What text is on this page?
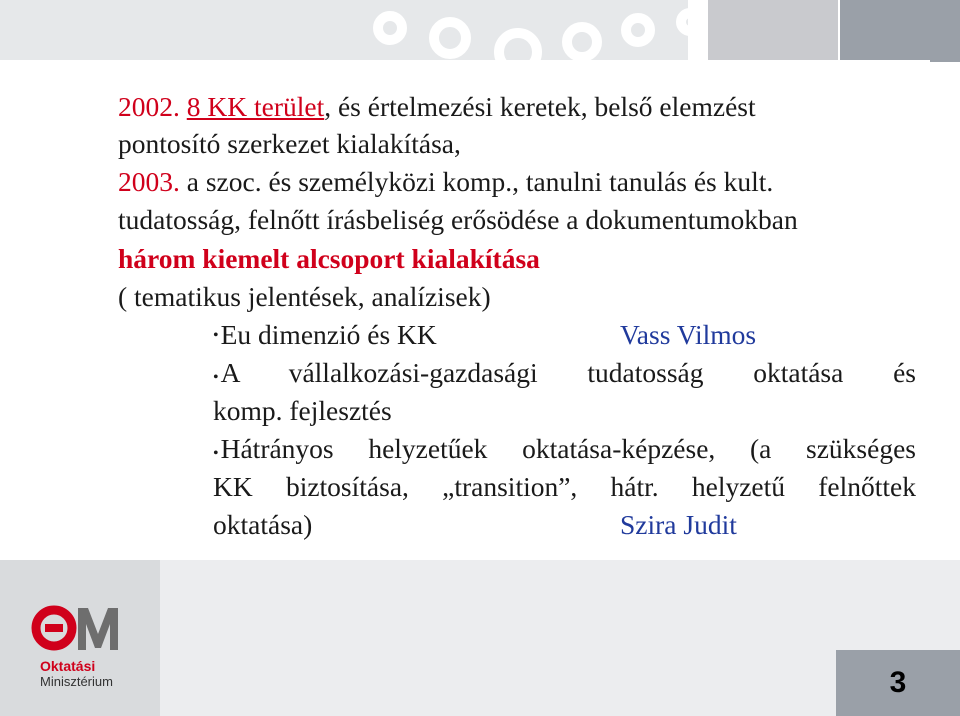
2002. 8 KK terület, és értelmezési keretek, belső elemzést
pontosító szerkezet kialakítása,
2003. a szoc. és személyközi komp., tanulni tanulás és kult.
tudatosság, felnőtt írásbeliség erősödése a dokumentumokban
három kiemelt alcsoport kialakítása
( tematikus jelentések, analízisek)
•Eu dimenzió és KK	Vass Vilmos
• A vállalkozási-gazdasági tudatosság oktatása és
komp. fejlesztés
• Hátrányos helyzetűek oktatása-képzése, (a szükséges
KK biztosítása, „transition”, hátr. helyzetű felnőttek
oktatása)	Szira Judit
Oktatási
Minisztérium	3
